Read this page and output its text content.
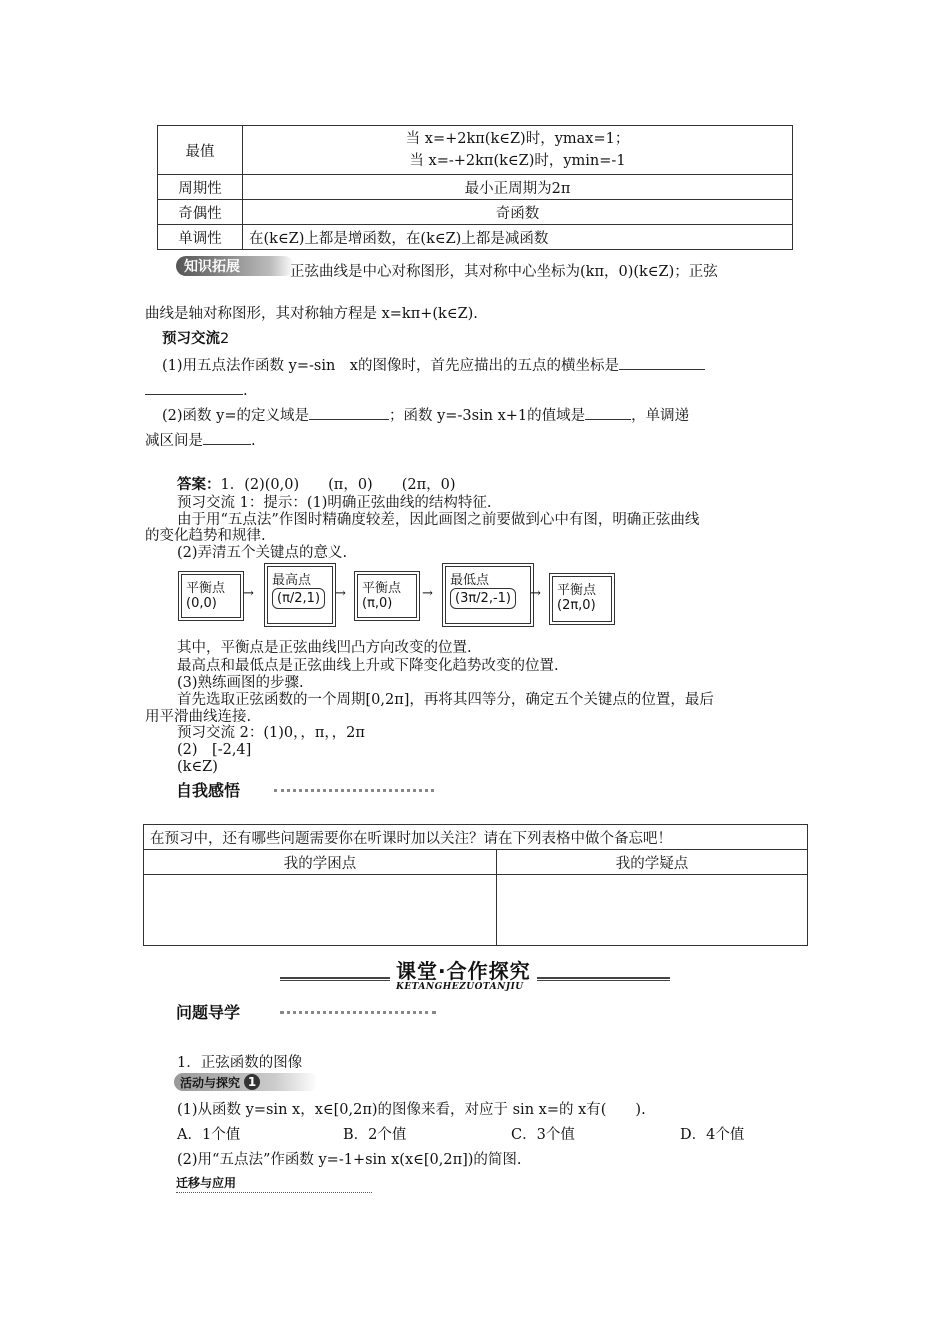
最值	当 x=+2kπ(k∈Z)时，ymax=1；
当 x=-+2kπ(k∈Z)时，ymin=-1

周期性	最小正周期为2π
奇偶性	奇函数
单调性	在(k∈Z)上都是增函数，在(k∈Z)上都是减函数
知识拓展	正弦曲线是中心对称图形，其对称中心坐标为(kπ，0)(k∈Z)；正弦
曲线是轴对称图形，其对称轴方程是 x=kπ+(k∈Z).
预习交流2
(1)用五点法作函数 y=-sin　x的图像时，首先应描出的五点的横坐标是
.
(2)函数 y=的定义域是	；函数 y=-3sin x+1的值域是	，单调递
减区间是	.
答案：1．(2)(0,0)　　(π，0)　　(2π，0)
预习交流 1：提示：(1)明确正弦曲线的结构特征.
由于用“五点法”作图时精确度较差，因此画图之前要做到心中有图，明确正弦曲线
的变化趋势和规律.
(2)弄清五个关键点的意义.
平衡点
(0,0)
→
最高点
(π/2,1)	→ 平衡点
(π,0)
→
最低点
(3π/2,-1)	→ 平衡点
(2π,0)
其中，平衡点是正弦曲线凹凸方向改变的位置.
最高点和最低点是正弦曲线上升或下降变化趋势改变的位置.
(3)熟练画图的步骤.
首先选取正弦函数的一个周期[0,2π]，再将其四等分，确定五个关键点的位置，最后
用平滑曲线连接.
预习交流 2：(1)0，，π，，2π
(2)　[-2,4]
(k∈Z)
自我感悟
在预习中，还有哪些问题需要你在听课时加以关注？请在下列表格中做个备忘吧！	
我的学困点	我的学疑点

课堂·合作探究
KETANGHEZUOTANJIU
问题导学
1．正弦函数的图像
活动与探究 1
(1)从函数 y=sin x，x∈[0,2π)的图像来看，对应于 sin x=的 x有(　　).
A．1个值	B．2个值	C．3个值	D．4个值
(2)用“五点法”作函数 y=-1+sin x(x∈[0,2π])的简图.
迁移与应用
